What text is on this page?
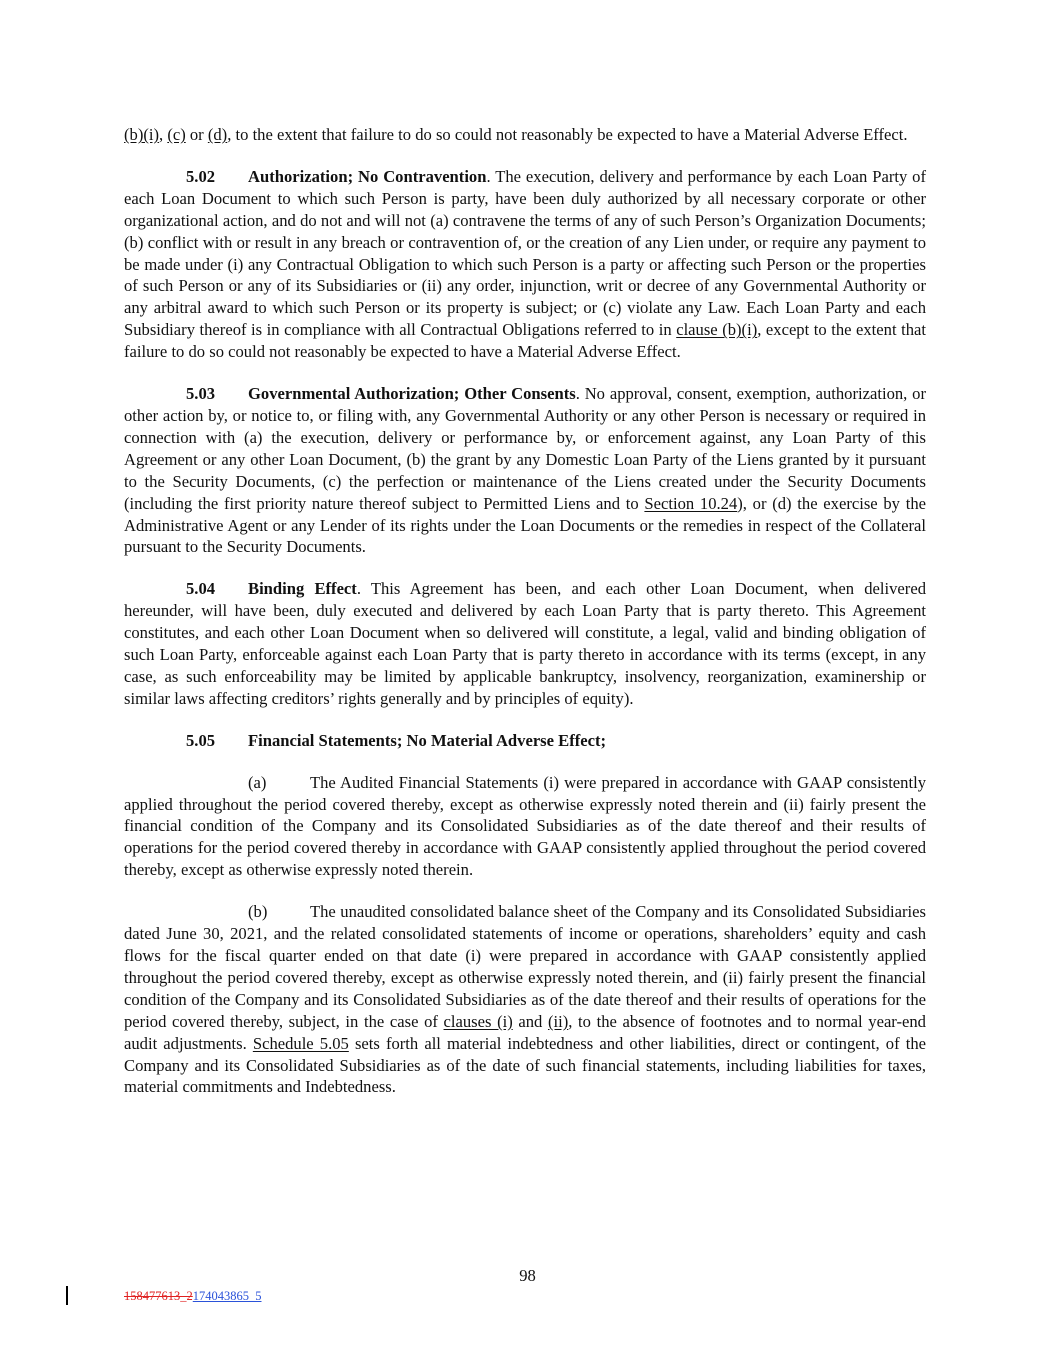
(b)(i), (c) or (d), to the extent that failure to do so could not reasonably be expected to have a Material Adverse Effect.

5.02 Authorization; No Contravention. The execution, delivery and performance by each Loan Party of each Loan Document to which such Person is party, have been duly authorized by all necessary corporate or other organizational action, and do not and will not (a) contravene the terms of any of such Person’s Organization Documents; (b) conflict with or result in any breach or contravention of, or the creation of any Lien under, or require any payment to be made under (i) any Contractual Obligation to which such Person is a party or affecting such Person or the properties of such Person or any of its Subsidiaries or (ii) any order, injunction, writ or decree of any Governmental Authority or any arbitral award to which such Person or its property is subject; or (c) violate any Law. Each Loan Party and each Subsidiary thereof is in compliance with all Contractual Obligations referred to in clause (b)(i), except to the extent that failure to do so could not reasonably be expected to have a Material Adverse Effect.

5.03 Governmental Authorization; Other Consents. No approval, consent, exemption, authorization, or other action by, or notice to, or filing with, any Governmental Authority or any other Person is necessary or required in connection with (a) the execution, delivery or performance by, or enforcement against, any Loan Party of this Agreement or any other Loan Document, (b) the grant by any Domestic Loan Party of the Liens granted by it pursuant to the Security Documents, (c) the perfection or maintenance of the Liens created under the Security Documents (including the first priority nature thereof subject to Permitted Liens and to Section 10.24), or (d) the exercise by the Administrative Agent or any Lender of its rights under the Loan Documents or the remedies in respect of the Collateral pursuant to the Security Documents.

5.04 Binding Effect. This Agreement has been, and each other Loan Document, when delivered hereunder, will have been, duly executed and delivered by each Loan Party that is party thereto. This Agreement constitutes, and each other Loan Document when so delivered will constitute, a legal, valid and binding obligation of such Loan Party, enforceable against each Loan Party that is party thereto in accordance with its terms (except, in any case, as such enforceability may be limited by applicable bankruptcy, insolvency, reorganization, examinership or similar laws affecting creditors’ rights generally and by principles of equity).

5.05 Financial Statements; No Material Adverse Effect;

(a)	The Audited Financial Statements (i) were prepared in accordance with GAAP consistently applied throughout the period covered thereby, except as otherwise expressly noted therein and (ii) fairly present the financial condition of the Company and its Consolidated Subsidiaries as of the date thereof and their results of operations for the period covered thereby in accordance with GAAP consistently applied throughout the period covered thereby, except as otherwise expressly noted therein.

(b)	The unaudited consolidated balance sheet of the Company and its Consolidated Subsidiaries dated June 30, 2021, and the related consolidated statements of income or operations, shareholders’ equity and cash flows for the fiscal quarter ended on that date (i) were prepared in accordance with GAAP consistently applied throughout the period covered thereby, except as otherwise expressly noted therein, and (ii) fairly present the financial condition of the Company and its Consolidated Subsidiaries as of the date thereof and their results of operations for the period covered thereby, subject, in the case of clauses (i) and (ii), to the absence of footnotes and to normal year-end audit adjustments. Schedule 5.05 sets forth all material indebtedness and other liabilities, direct or contingent, of the Company and its Consolidated Subsidiaries as of the date of such financial statements, including liabilities for taxes, material commitments and Indebtedness.

98
158477613_2174043865_5
